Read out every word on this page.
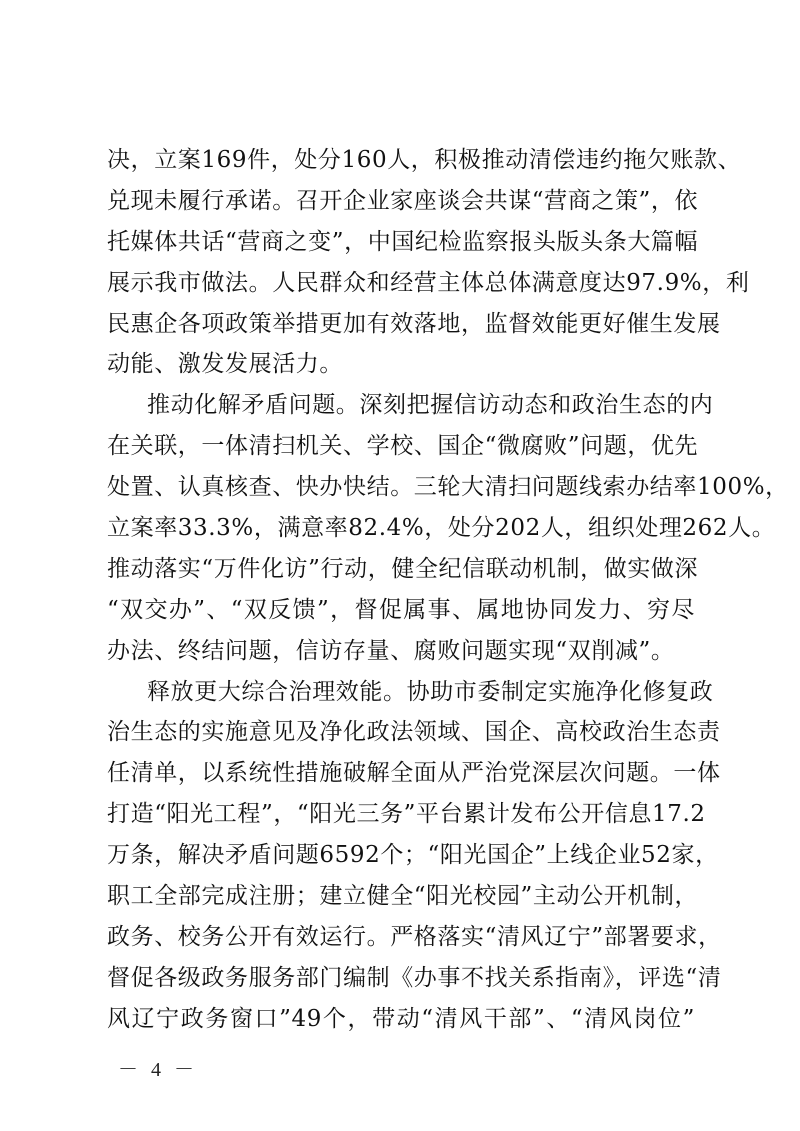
决，立案169件，处分160人，积极推动清偿违约拖欠账款、
兑现未履行承诺。召开企业家座谈会共谋“营商之策”，依
托媒体共话“营商之变”，中国纪检监察报头版头条大篇幅
展示我市做法。人民群众和经营主体总体满意度达97.9%，利
民惠企各项政策举措更加有效落地，监督效能更好催生发展
动能、激发发展活力。
推动化解矛盾问题。深刻把握信访动态和政治生态的内
在关联，一体清扫机关、学校、国企“微腐败”问题，优先
处置、认真核查、快办快结。三轮大清扫问题线索办结率100%，
立案率33.3%，满意率82.4%，处分202人，组织处理262人。
推动落实“万件化访”行动，健全纪信联动机制，做实做深
“双交办”、“双反馈”，督促属事、属地协同发力、穷尽
办法、终结问题，信访存量、腐败问题实现“双削减”。
释放更大综合治理效能。协助市委制定实施净化修复政
治生态的实施意见及净化政法领域、国企、高校政治生态责
任清单，以系统性措施破解全面从严治党深层次问题。一体
打造“阳光工程”，“阳光三务”平台累计发布公开信息17.2
万条，解决矛盾问题6592个；“阳光国企”上线企业52家，
职工全部完成注册；建立健全“阳光校园”主动公开机制，
政务、校务公开有效运行。严格落实“清风辽宁”部署要求，
督促各级政务服务部门编制《办事不找关系指南》，评选“清
风辽宁政务窗口”49个，带动“清风干部”、“清风岗位”
－ 4 －
